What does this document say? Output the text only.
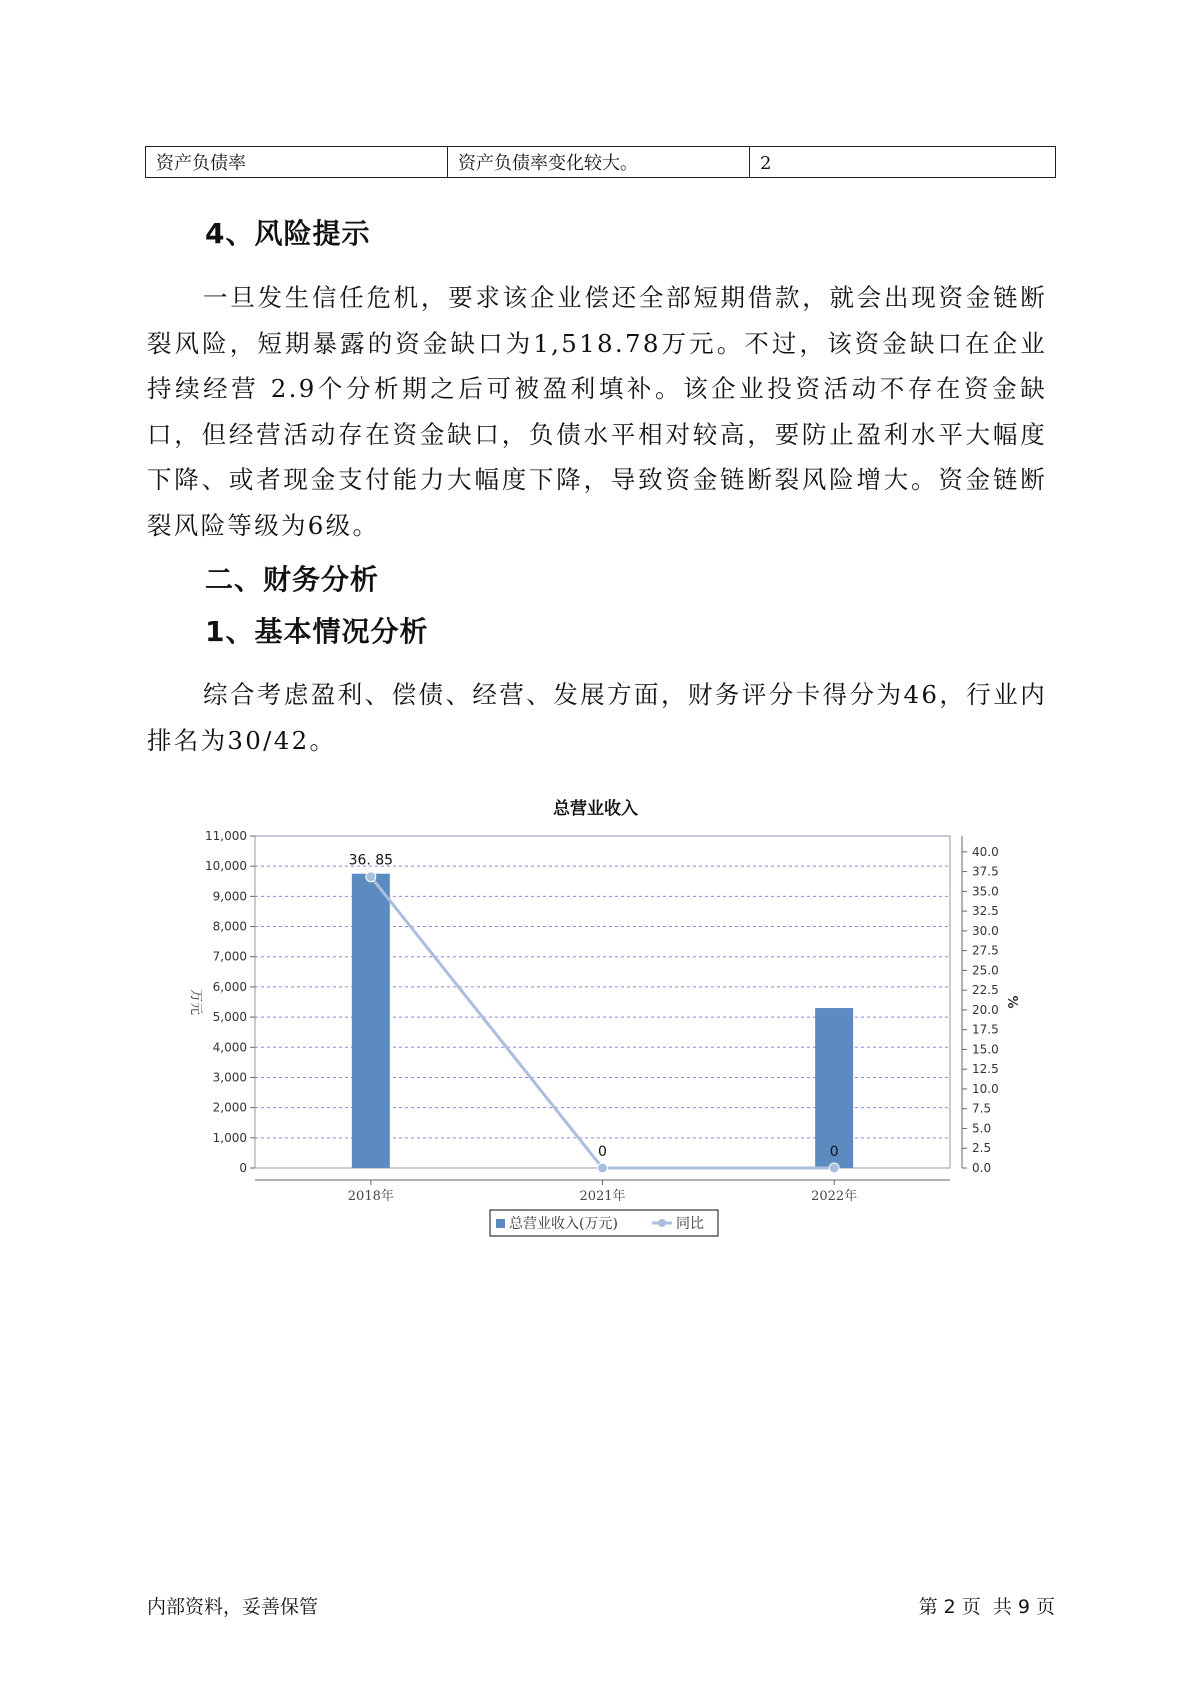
资产负债率	资产负债率变化较大。	2
4、风险提示

一旦发生信任危机，要求该企业偿还全部短期借款，就会出现资金链断裂风险，短期暴露的资金缺口为1,518.78万元。不过，该资金缺口在企业持续经营 2.9个分析期之后可被盈利填补。该企业投资活动不存在资金缺口，但经营活动存在资金缺口，负债水平相对较高，要防止盈利水平大幅度下降、或者现金支付能力大幅度下降，导致资金链断裂风险增大。资金链断裂风险等级为6级。

二、财务分析
1、基本情况分析

综合考虑盈利、偿债、经营、发展方面，财务评分卡得分为46，行业内排名为30/42。

总营业收入
0
1,000
2,000
3,000
4,000
5,000
6,000
7,000
8,000
9,000
10,000
11,000
0.0
2.5
5.0
7.5
10.0
12.5
15.0
17.5
20.0
22.5
25.0
27.5
30.0
32.5
35.0
37.5
40.0
万元	%
2018年	2021年	2022年
36. 85
0	0
总营业收入(万元)	同比
内部资料，妥善保管	第 2 页  共 9 页
